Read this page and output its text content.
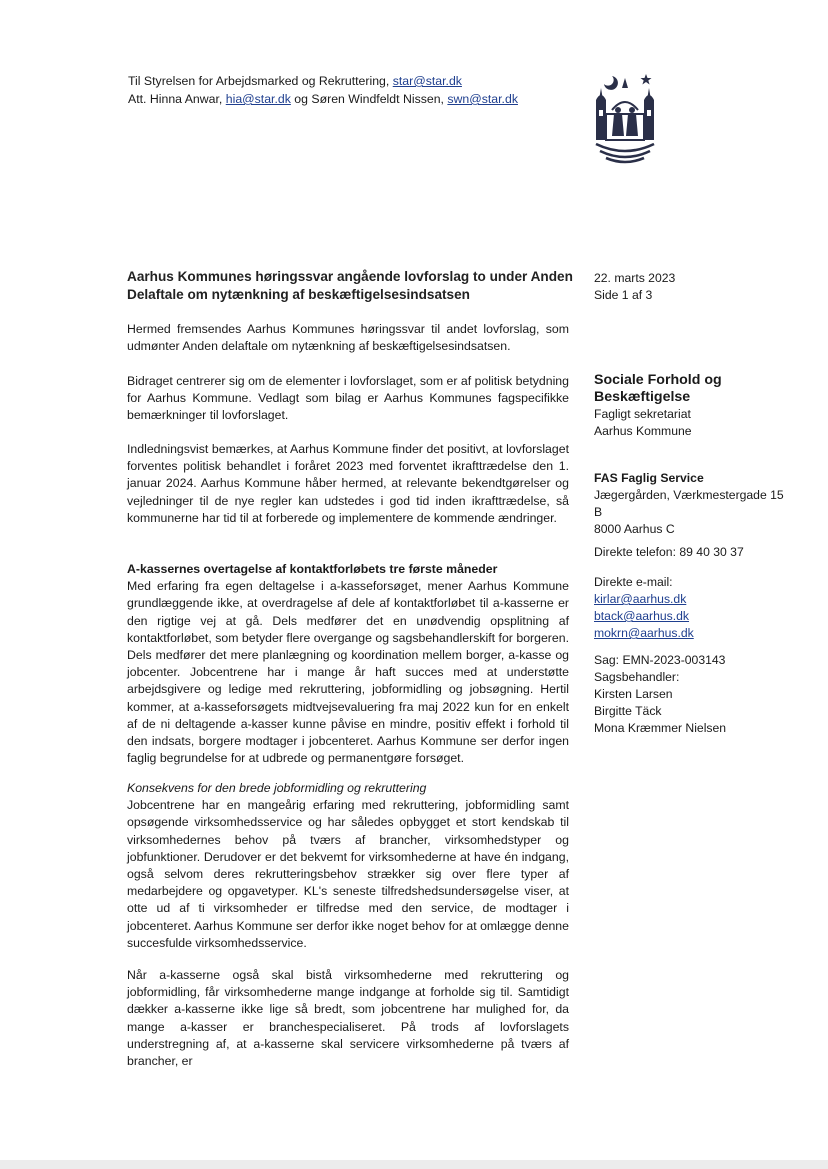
Til Styrelsen for Arbejdsmarked og Rekruttering, star@star.dk
Att. Hinna Anwar, hia@star.dk og Søren Windfeldt Nissen, swn@star.dk
Aarhus Kommunes høringssvar angående lovforslag to under Anden Delaftale om nytænkning af beskæftigelsesindsatsen
22. marts 2023
Side 1 af 3

Hermed fremsendes Aarhus Kommunes høringssvar til andet lovforslag, som udmønter Anden delaftale om nytænkning af beskæftigelsesindsatsen.

Bidraget centrerer sig om de elementer i lovforslaget, som er af politisk betydning for Aarhus Kommune. Vedlagt som bilag er Aarhus Kommunes fagspecifikke bemærkninger til lovforslaget.

Indledningsvist bemærkes, at Aarhus Kommune finder det positivt, at lovforslaget forventes politisk behandlet i foråret 2023 med forventet ikrafttrædelse den 1. januar 2024. Aarhus Kommune håber hermed, at relevante bekendtgørelser og vejledninger til de nye regler kan udstedes i god tid inden ikrafttrædelse, så kommunerne har tid til at forberede og implementere de kommende ændringer.

A-kassernes overtagelse af kontaktforløbets tre første måneder

Med erfaring fra egen deltagelse i a-kasseforsøget, mener Aarhus Kommune grundlæggende ikke, at overdragelse af dele af kontaktforløbet til a-kasserne er den rigtige vej at gå. Dels medfører det en unødvendig opsplitning af kontaktforløbet, som betyder flere overgange og sagsbehandlerskift for borgeren. Dels medfører det mere planlægning og koordination mellem borger, a-kasse og jobcenter. Jobcentrene har i mange år haft succes med at understøtte arbejdsgivere og ledige med rekruttering, jobformidling og jobsøgning. Hertil kommer, at a-kasseforsøgets midtvejsevaluering fra maj 2022 kun for en enkelt af de ni deltagende a-kasser kunne påvise en mindre, positiv effekt i forhold til den indsats, borgere modtager i jobcenteret. Aarhus Kommune ser derfor ingen faglig begrundelse for at udbrede og permanentgøre forsøget.

Konsekvens for den brede jobformidling og rekruttering

Jobcentrene har en mangeårig erfaring med rekruttering, jobformidling samt opsøgende virksomhedsservice og har således opbygget et stort kendskab til virksomhedernes behov på tværs af brancher, virksomhedstyper og jobfunktioner. Derudover er det bekvemt for virksomhederne at have én indgang, også selvom deres rekrutteringsbehov strækker sig over flere typer af medarbejdere og opgavetyper. KL's seneste tilfredshedsundersøgelse viser, at otte ud af ti virksomheder er tilfredse med den service, de modtager i jobcenteret. Aarhus Kommune ser derfor ikke noget behov for at omlægge denne succesfulde virksomhedsservice.

Når a-kasserne også skal bistå virksomhederne med rekruttering og jobformidling, får virksomhederne mange indgange at forholde sig til. Samtidigt dækker a-kasserne ikke lige så bredt, som jobcentrene har mulighed for, da mange a-kasser er branchespecialiseret. På trods af lovforslagets understregning af, at a-kasserne skal servicere virksomhederne på tværs af brancher, er

Sociale Forhold og Beskæftigelse
Fagligt sekretariat
Aarhus Kommune
FAS Faglig Service
Jægergården, Værkmestergade 15
B
8000 Aarhus C
Direkte telefon: 89 40 30 37
Direkte e-mail:
kirlar@aarhus.dk
btack@aarhus.dk
mokrn@aarhus.dk
Sag: EMN-2023-003143
Sagsbehandler:
Kirsten Larsen
Birgitte Täck
Mona Kræmmer Nielsen
